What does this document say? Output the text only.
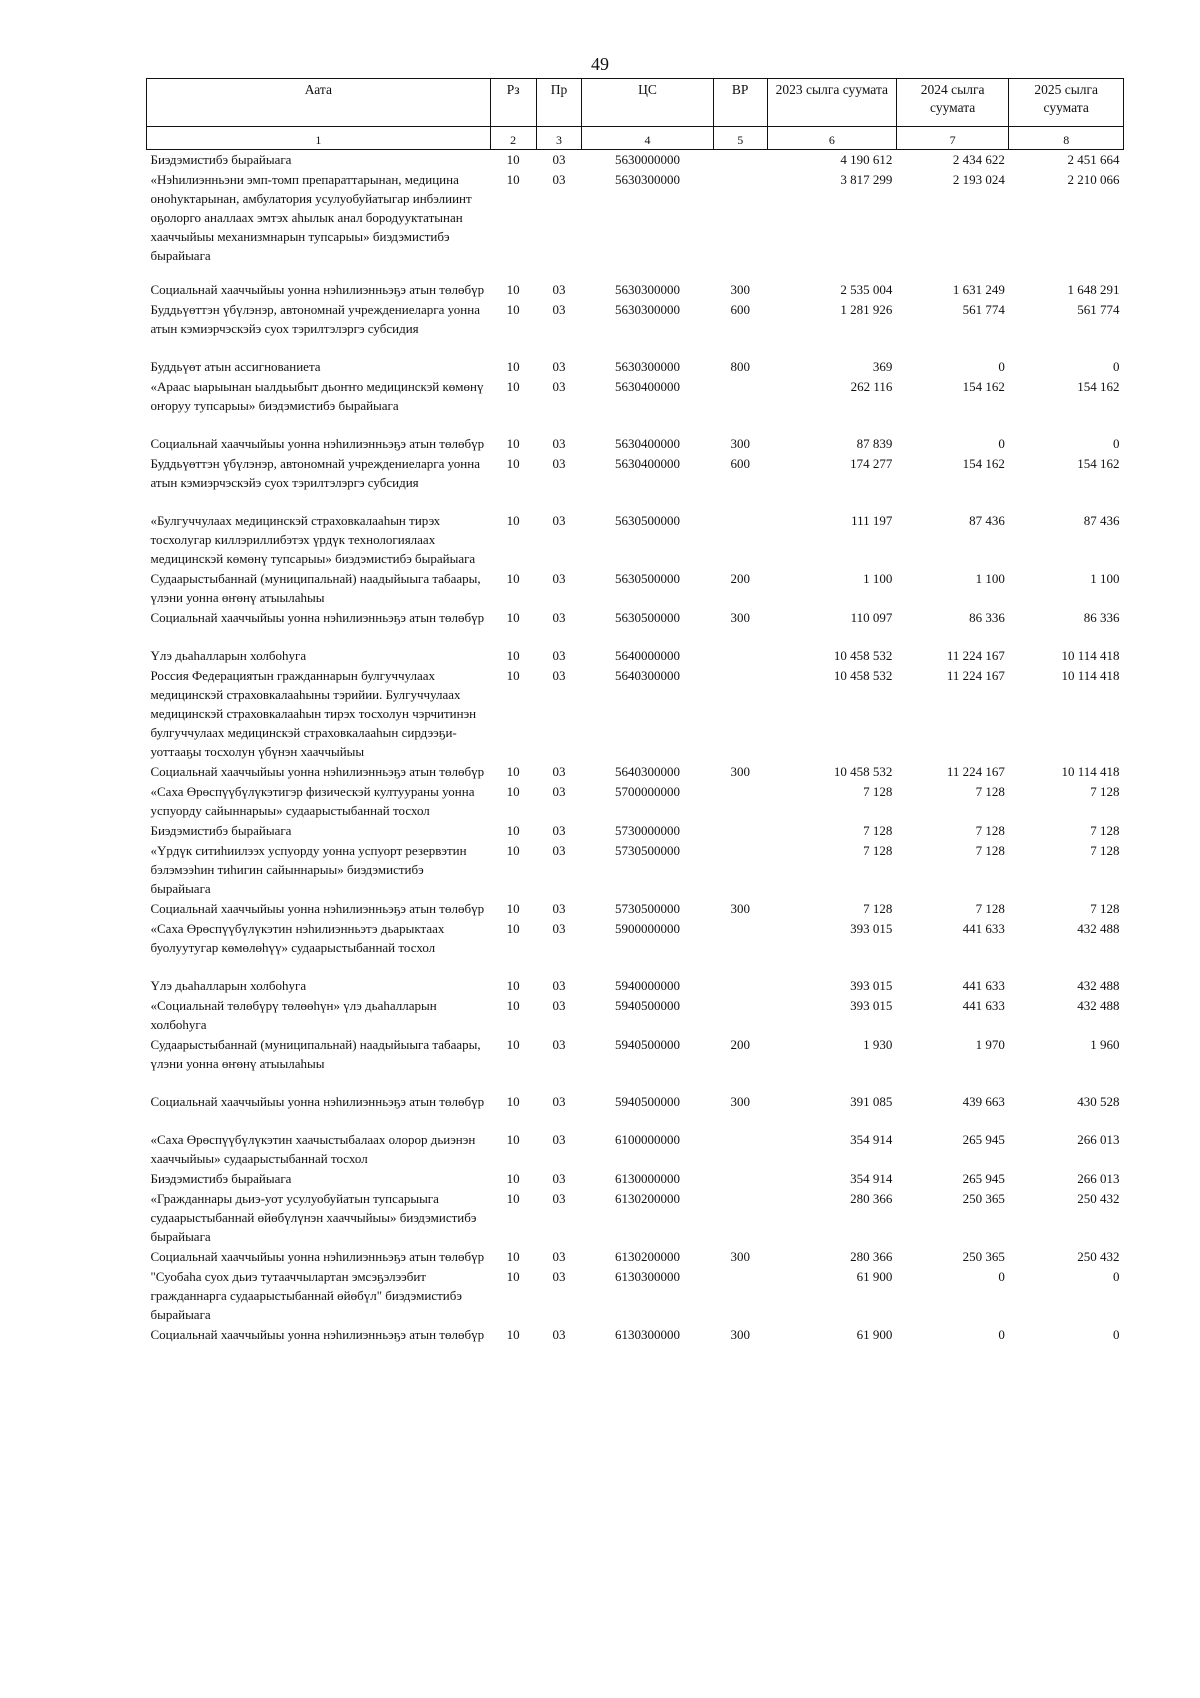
49
Аата	Рз	Пр	ЦС	ВР	2023 сылга суумата	2024 сылга суумата	2025 сылга суумата
1	2	3	4	5	6	7	8
Биэдэмистибэ бырайыага	10	03	5630000000		4 190 612	2 434 622	2 451 664
«Нэһилиэнньэни эмп-томп препараттарынан, медицина оноһуктарынан, амбулатория усулуобуйатыгар инбэлиинт оҕолорго аналлаах эмтэх аһылык анал бородууктатынан хааччыйыы механизмнарын тупсарыы» биэдэмистибэ бырайыага	10	03	5630300000		3 817 299	2 193 024	2 210 066

Социальнай хааччыйыы уонна нэһилиэнньэҕэ атын төлөбүр	10	03	5630300000	300	2 535 004	1 631 249	1 648 291
Буддьүөттэн үбүлэнэр, автономнай учреждениеларга уонна атын кэмиэрчэскэйэ суох тэрилтэлэргэ субсидия	10	03	5630300000	600	1 281 926	561 774	561 774

Буддьүөт атын ассигнованиета	10	03	5630300000	800	369	0	0
«Араас ыарыынан ыалдьыбыт дьоҥҥо медицинскэй көмөнү оҥоруу тупсарыы» биэдэмистибэ бырайыага	10	03	5630400000		262 116	154 162	154 162

Социальнай хааччыйыы уонна нэһилиэнньэҕэ атын төлөбүр	10	03	5630400000	300	87 839	0	0
Буддьүөттэн үбүлэнэр, автономнай учреждениеларга уонна атын кэмиэрчэскэйэ суох тэрилтэлэргэ субсидия	10	03	5630400000	600	174 277	154 162	154 162

«Булгуччулаах медицинскэй страховкалааһын тирэх тосхолугар киллэриллибэтэх үрдүк технологиялаах медицинскэй көмөнү тупсарыы» биэдэмистибэ бырайыага	10	03	5630500000		111 197	87 436	87 436
Судаарыстыбаннай (муниципальнай) наадыйыыга табаары, үлэни уонна өҥөнү атыылаһыы	10	03	5630500000	200	1 100	1 100	1 100
Социальнай хааччыйыы уонна нэһилиэнньэҕэ атын төлөбүр	10	03	5630500000	300	110 097	86 336	86 336

Үлэ дьаһалларын холбоһуга	10	03	5640000000		10 458 532	11 224 167	10 114 418
Россия Федерациятын гражданнарын булгуччулаах медицинскэй страховкалааһыны тэрийии. Булгуччулаах медицинскэй страховкалааһын тирэх тосхолун чэрчитинэн булгуччулаах медицинскэй страховкалааһын сирдээҕи-уоттааҕы тосхолун үбүнэн хааччыйыы	10	03	5640300000		10 458 532	11 224 167	10 114 418
Социальнай хааччыйыы уонна нэһилиэнньэҕэ атын төлөбүр	10	03	5640300000	300	10 458 532	11 224 167	10 114 418
«Саха Өрөспүүбүлүкэтигэр физическэй култуураны уонна успуорду сайыннарыы» судаарыстыбаннай тосхол	10	03	5700000000		7 128	7 128	7 128
Биэдэмистибэ бырайыага	10	03	5730000000		7 128	7 128	7 128
«Үрдүк ситиһиилээх успуорду уонна успуорт резервэтин бэлэмээһин тиһигин сайыннарыы» биэдэмистибэ бырайыага	10	03	5730500000		7 128	7 128	7 128
Социальнай хааччыйыы уонна нэһилиэнньэҕэ атын төлөбүр	10	03	5730500000	300	7 128	7 128	7 128
«Саха Өрөспүүбүлүкэтин нэһилиэнньэтэ дьарыктаах буолуутугар көмөлөһүү» судаарыстыбаннай тосхол	10	03	5900000000		393 015	441 633	432 488

Үлэ дьаһалларын холбоһуга	10	03	5940000000		393 015	441 633	432 488
«Социальнай төлөбүрү төлөөһүн» үлэ дьаһалларын холбоһуга	10	03	5940500000		393 015	441 633	432 488
Судаарыстыбаннай (муниципальнай) наадыйыыга табаары, үлэни уонна өҥөнү атыылаһыы	10	03	5940500000	200	1 930	1 970	1 960

Социальнай хааччыйыы уонна нэһилиэнньэҕэ атын төлөбүр	10	03	5940500000	300	391 085	439 663	430 528

«Саха Өрөспүүбүлүкэтин хаачыстыбалаах олорор дьиэнэн хааччыйыы» судаарыстыбаннай тосхол	10	03	6100000000		354 914	265 945	266 013
Биэдэмистибэ бырайыага	10	03	6130000000		354 914	265 945	266 013
«Гражданнары дьиэ-уот усулуобуйатын тупсарыыга судаарыстыбаннай өйөбүлүнэн хааччыйыы» биэдэмистибэ бырайыага	10	03	6130200000		280 366	250 365	250 432
Социальнай хааччыйыы уонна нэһилиэнньэҕэ атын төлөбүр	10	03	6130200000	300	280 366	250 365	250 432
"Суобаһа суох дьиэ тутааччылартан эмсэҕэлээбит гражданнарга судаарыстыбаннай өйөбүл" биэдэмистибэ бырайыага	10	03	6130300000		61 900	0	0
Социальнай хааччыйыы уонна нэһилиэнньэҕэ атын төлөбүр	10	03	6130300000	300	61 900	0	0
